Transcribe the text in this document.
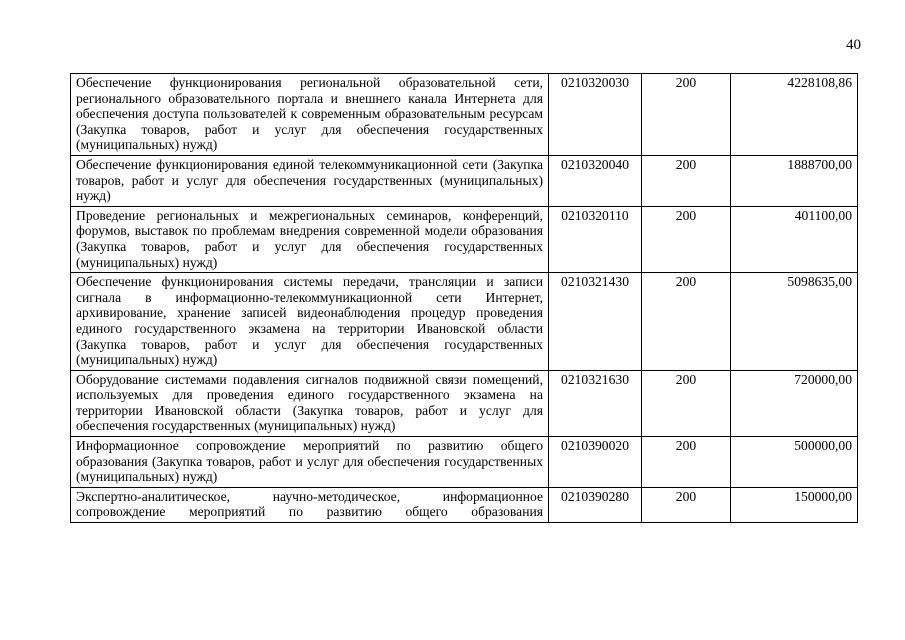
40
Обеспечение функционирования региональной образовательной сети, регионального образовательного портала и внешнего канала Интернета для обеспечения доступа пользователей к современным образовательным ресурсам (Закупка товаров, работ и услуг для обеспечения государственных (муниципальных) нужд)	0210320030	200	4228108,86
Обеспечение функционирования единой телекоммуникационной сети (Закупка товаров, работ и услуг для обеспечения государственных (муниципальных) нужд)	0210320040	200	1888700,00
Проведение региональных и межрегиональных семинаров, конференций, форумов, выставок по проблемам внедрения современной модели образования (Закупка товаров, работ и услуг для обеспечения государственных (муниципальных) нужд)	0210320110	200	401100,00
Обеспечение функционирования системы передачи, трансляции и записи сигнала в информационно-телекоммуникационной сети Интернет, архивирование, хранение записей видеонаблюдения процедур проведения единого государственного экзамена на территории Ивановской области (Закупка товаров, работ и услуг для обеспечения государственных (муниципальных) нужд)	0210321430	200	5098635,00
Оборудование системами подавления сигналов подвижной связи помещений, используемых для проведения единого государственного экзамена на территории Ивановской области (Закупка товаров, работ и услуг для обеспечения государственных (муниципальных) нужд)	0210321630	200	720000,00
Информационное сопровождение мероприятий по развитию общего образования (Закупка товаров, работ и услуг для обеспечения государственных (муниципальных) нужд)	0210390020	200	500000,00
Экспертно-аналитическое, научно-методическое, информационное сопровождение мероприятий по развитию общего образования	0210390280	200	150000,00
